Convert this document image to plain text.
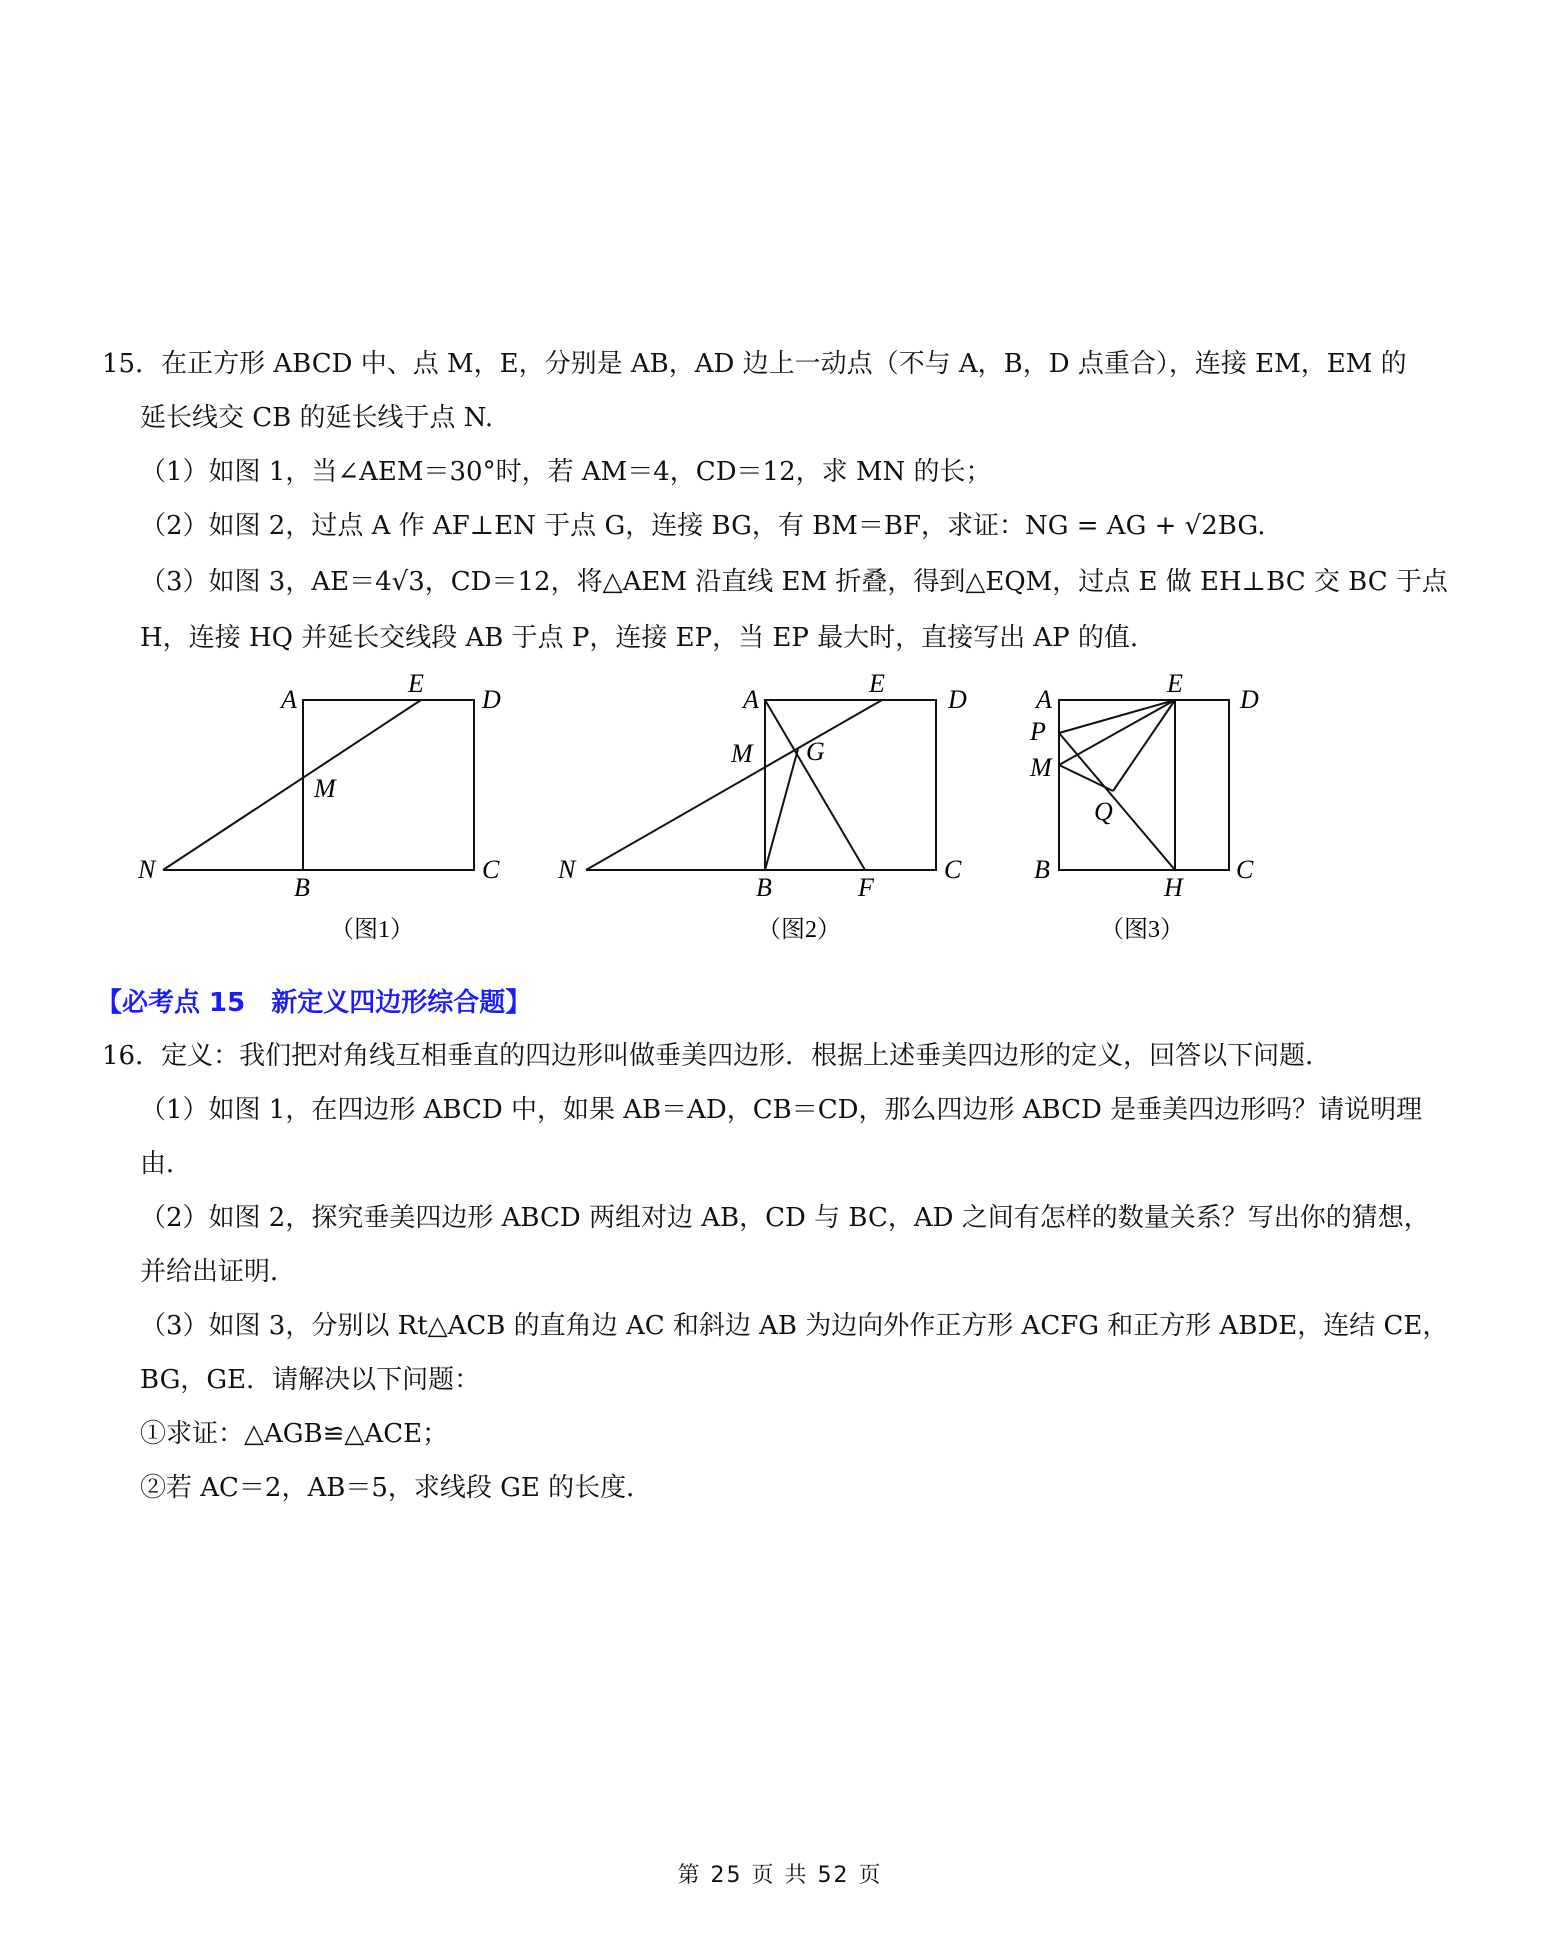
15．在正方形 ABCD 中、点 M，E，分别是 AB，AD 边上一动点（不与 A，B，D 点重合），连接 EM，EM 的
延长线交 CB 的延长线于点 N.
（1）如图 1，当∠AEM＝30°时，若 AM＝4，CD＝12，求 MN 的长；
（2）如图 2，过点 A 作 AF⊥EN 于点 G，连接 BG，有 BM＝BF，求证：NG = AG + √2BG.
（3）如图 3，AE＝4√3，CD＝12，将△AEM 沿直线 EM 折叠，得到△EQM，过点 E 做 EH⊥BC 交 BC 于点
H，连接 HQ 并延长交线段 AB 于点 P，连接 EP，当 EP 最大时，直接写出 AP 的值.
A
E
D
M
N
B
C
（图1）
A
E
D
M G
N
B	F
C
（图2）
A
E
D
P
M
Q
B
H
C
（图3）
【必考点 15　新定义四边形综合题】
16．定义：我们把对角线互相垂直的四边形叫做垂美四边形．根据上述垂美四边形的定义，回答以下问题．
（1）如图 1，在四边形 ABCD 中，如果 AB＝AD，CB＝CD，那么四边形 ABCD 是垂美四边形吗？请说明理
由．
（2）如图 2，探究垂美四边形 ABCD 两组对边 AB，CD 与 BC，AD 之间有怎样的数量关系？写出你的猜想，
并给出证明．
（3）如图 3，分别以 Rt△ACB 的直角边 AC 和斜边 AB 为边向外作正方形 ACFG 和正方形 ABDE，连结 CE，
BG，GE．请解决以下问题：
①求证：△AGB≌△ACE；
②若 AC＝2，AB＝5，求线段 GE 的长度．
第 25 页 共 52 页
